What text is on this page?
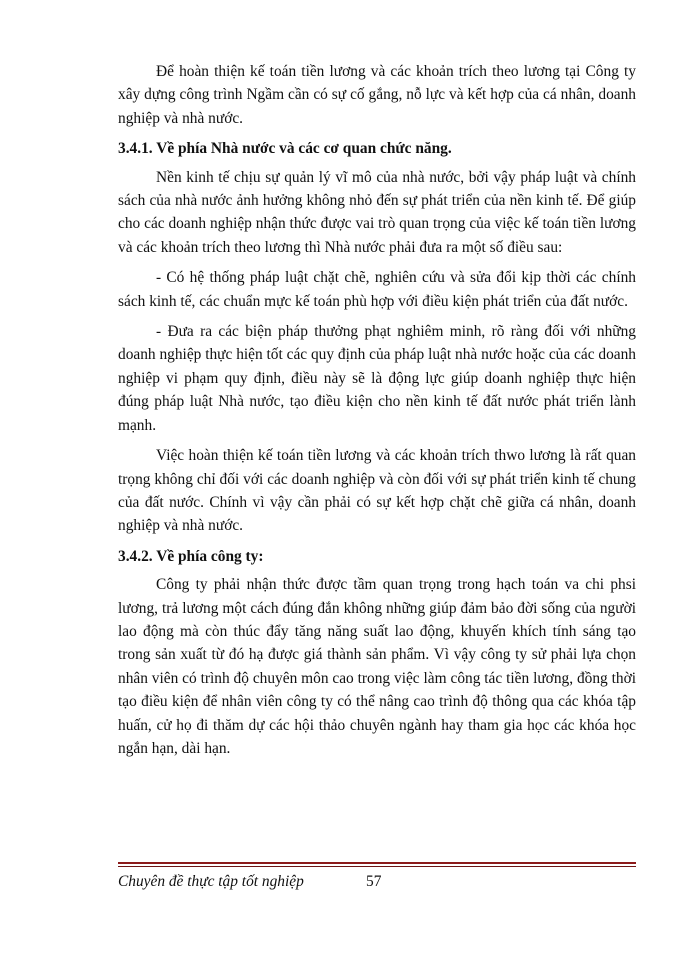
Để hoàn thiện kế toán tiền lương và các khoản trích theo lương tại Công ty xây dựng công trình Ngầm cần có sự cố gắng, nỗ lực và kết hợp của cá nhân, doanh nghiệp và nhà nước.

3.4.1. Về phía Nhà nước và các cơ quan chức năng.

Nền kinh tế chịu sự quản lý vĩ mô của nhà nước, bởi vậy pháp luật và chính sách của nhà nước ảnh hưởng không nhỏ đến sự phát triển của nền kinh tế. Để giúp cho các doanh nghiệp nhận thức được vai trò quan trọng của việc kế toán tiền lương và các khoản trích theo lương thì Nhà nước phải đưa ra một số điều sau:

- Có hệ thống pháp luật chặt chẽ, nghiên cứu và sửa đổi kịp thời các chính sách kinh tế, các chuẩn mực kế toán phù hợp với điều kiện phát triển của đất nước.

- Đưa ra các biện pháp thưởng phạt nghiêm minh, rõ ràng đối với những doanh nghiệp thực hiện tốt các quy định của pháp luật nhà nước hoặc của các doanh nghiệp vi phạm quy định, điều này sẽ là động lực giúp doanh nghiệp thực hiện đúng pháp luật Nhà nước, tạo điều kiện cho nền kinh tế đất nước phát triển lành mạnh.

Việc hoàn thiện kế toán tiền lương và các khoản trích thwo lương là rất quan trọng không chỉ đối với các doanh nghiệp và còn đối với sự phát triển kinh tế chung của đất nước. Chính vì vậy cần phải có sự kết hợp chặt chẽ giữa cá nhân, doanh nghiệp và nhà nước.

3.4.2. Về phía công ty:

Công ty phải nhận thức được tầm quan trọng trong hạch toán va chi phsi lương, trả lương một cách đúng đắn không những giúp đảm bảo đời sống của người lao động mà còn thúc đẩy tăng năng suất lao động, khuyến khích tính sáng tạo trong sản xuất từ đó hạ được giá thành sản phẩm. Vì vậy công ty sử phải lựa chọn nhân viên có trình độ chuyên môn cao trong việc làm công tác tiền lương, đồng thời tạo điều kiện để nhân viên công ty có thể nâng cao trình độ thông qua các khóa tập huấn, cử họ đi thăm dự các hội thảo chuyên ngành hay tham gia học các khóa học ngắn hạn, dài hạn.

Chuyên đề thực tập tốt nghiệp	57
